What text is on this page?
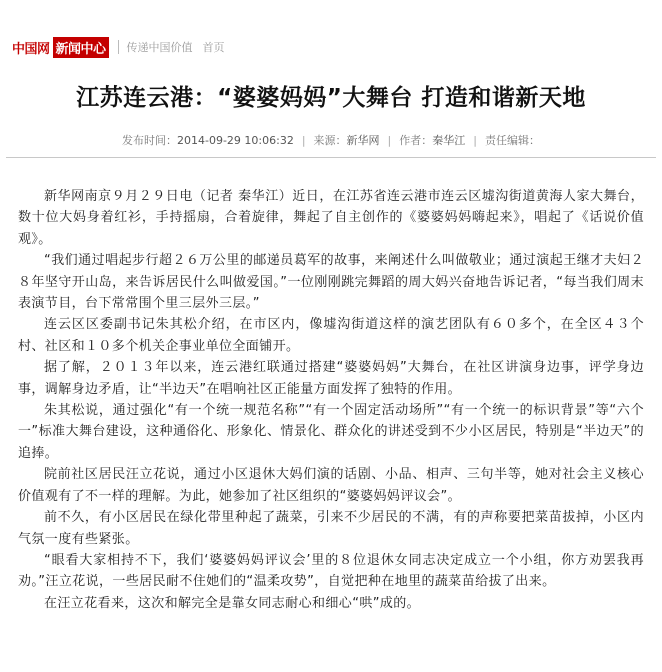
中国网 新闻中心 传递中国价值 首页
江苏连云港：“婆婆妈妈”大舞台 打造和谐新天地
发布时间： 2014-09-29 10:06:32 | 来源： 新华网 | 作者： 秦华江 | 责任编辑：

新华网南京９月２９日电（记者 秦华江）近日，在江苏省连云港市连云区墟沟街道黄海人家大舞台，数十位大妈身着红衫，手持摇扇，合着旋律，舞起了自主创作的《婆婆妈妈嗨起来》，唱起了《话说价值观》。

“我们通过唱起步行超２６万公里的邮递员葛军的故事，来阐述什么叫做敬业；通过演起王继才夫妇２８年坚守开山岛，来告诉居民什么叫做爱国。”一位刚刚跳完舞蹈的周大妈兴奋地告诉记者，“每当我们周末表演节目，台下常常围个里三层外三层。”

连云区区委副书记朱其松介绍，在市区内，像墟沟街道这样的演艺团队有６０多个，在全区４３个村、社区和１０多个机关企事业单位全面铺开。

据了解，２０１３年以来，连云港红联通过搭建“婆婆妈妈”大舞台，在社区讲演身边事，评学身边事，调解身边矛盾，让“半边天”在唱响社区正能量方面发挥了独特的作用。

朱其松说，通过强化“有一个统一规范名称”“有一个固定活动场所”“有一个统一的标识背景”等“六个一”标准大舞台建设，这种通俗化、形象化、情景化、群众化的讲述受到不少小区居民，特别是“半边天”的追捧。

院前社区居民汪立花说，通过小区退休大妈们演的话剧、小品、相声、三句半等，她对社会主义核心价值观有了不一样的理解。为此，她参加了社区组织的“婆婆妈妈评议会”。

前不久，有小区居民在绿化带里种起了蔬菜，引来不少居民的不满，有的声称要把菜苗拔掉，小区内气氛一度有些紧张。

“眼看大家相持不下，我们‘婆婆妈妈评议会’里的８位退休女同志决定成立一个小组，你方劝罢我再劝。”汪立花说，一些居民耐不住她们的“温柔攻势”，自觉把种在地里的蔬菜苗给拔了出来。

在汪立花看来，这次和解完全是靠女同志耐心和细心“哄”成的。
